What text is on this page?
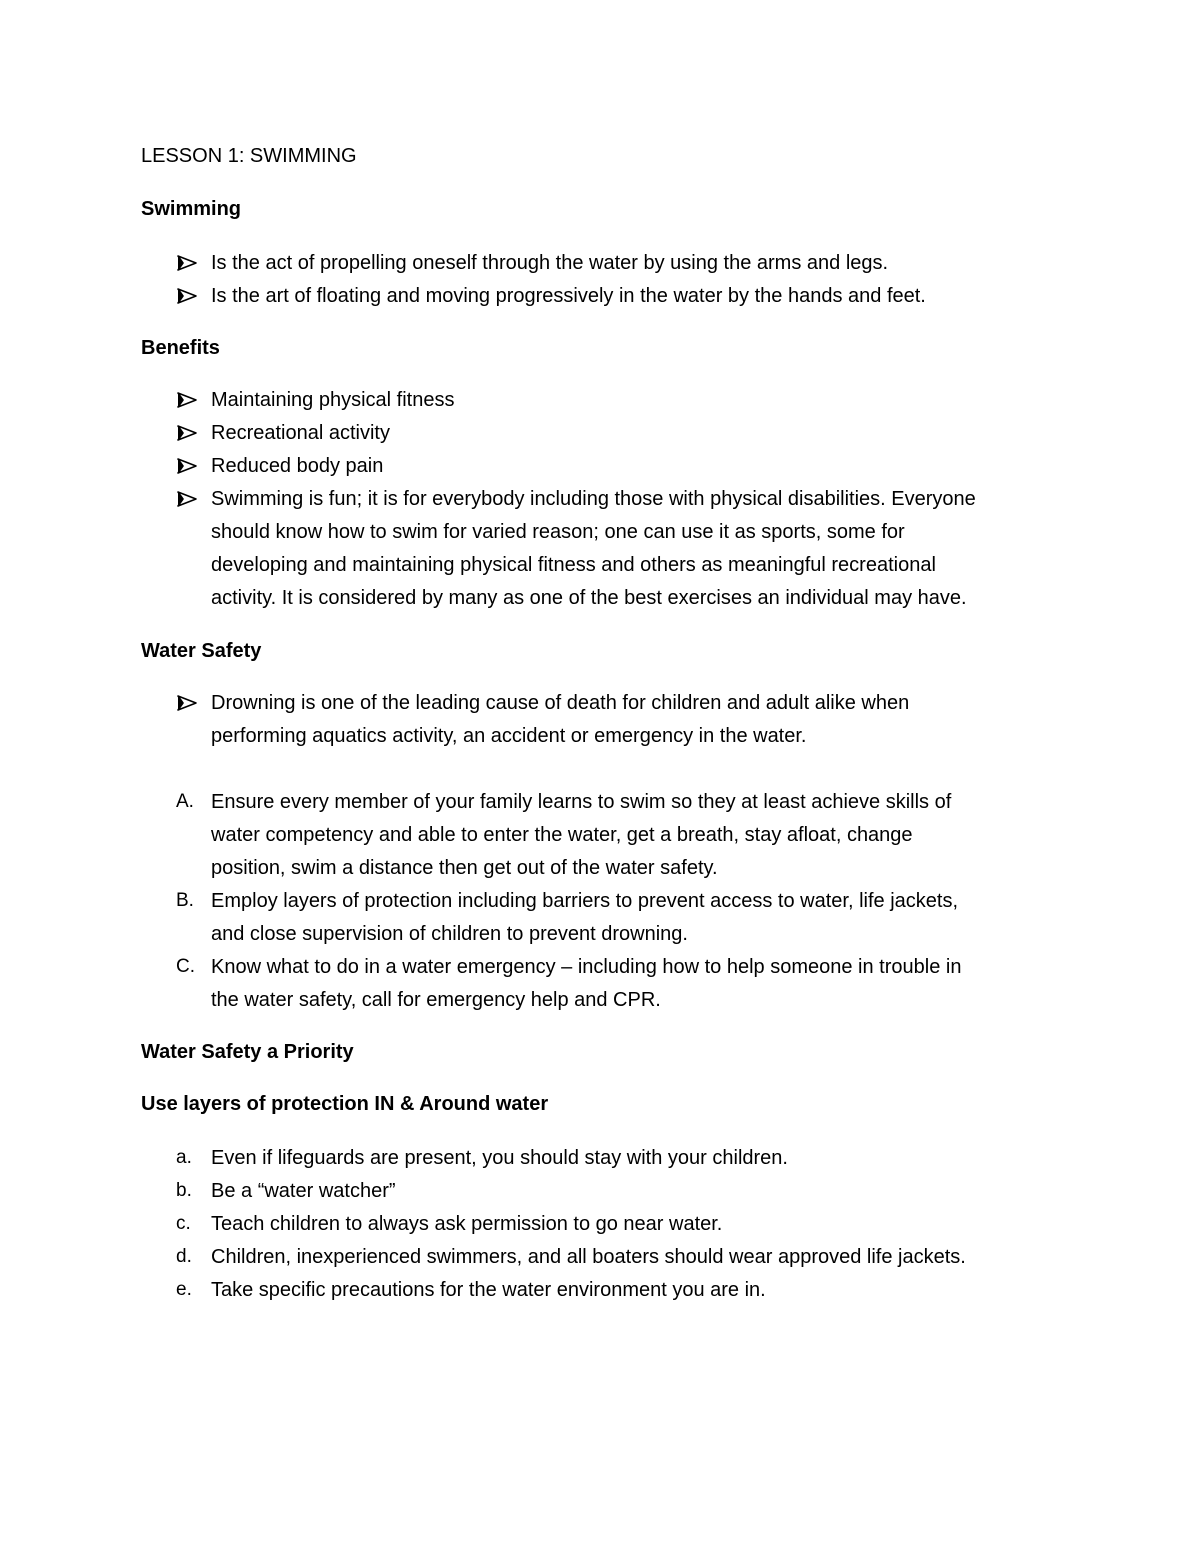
LESSON 1: SWIMMING
Swimming
Is the act of propelling oneself through the water by using the arms and legs.
Is the art of floating and moving progressively in the water by the hands and feet.
Benefits
Maintaining physical fitness
Recreational activity
Reduced body pain
Swimming is fun; it is for everybody including those with physical disabilities. Everyone
should know how to swim for varied reason; one can use it as sports, some for
developing and maintaining physical fitness and others as meaningful recreational
activity. It is considered by many as one of the best exercises an individual may have.
Water Safety
Drowning is one of the leading cause of death for children and adult alike when
performing aquatics activity, an accident or emergency in the water.
A. Ensure every member of your family learns to swim so they at least achieve skills of
water competency and able to enter the water, get a breath, stay afloat, change
position, swim a distance then get out of the water safety.
B. Employ layers of protection including barriers to prevent access to water, life jackets,
and close supervision of children to prevent drowning.
C. Know what to do in a water emergency – including how to help someone in trouble in
the water safety, call for emergency help and CPR.
Water Safety a Priority
Use layers of protection IN & Around water
a. Even if lifeguards are present, you should stay with your children.
b. Be a “water watcher”
c. Teach children to always ask permission to go near water.
d. Children, inexperienced swimmers, and all boaters should wear approved life jackets.
e. Take specific precautions for the water environment you are in.
